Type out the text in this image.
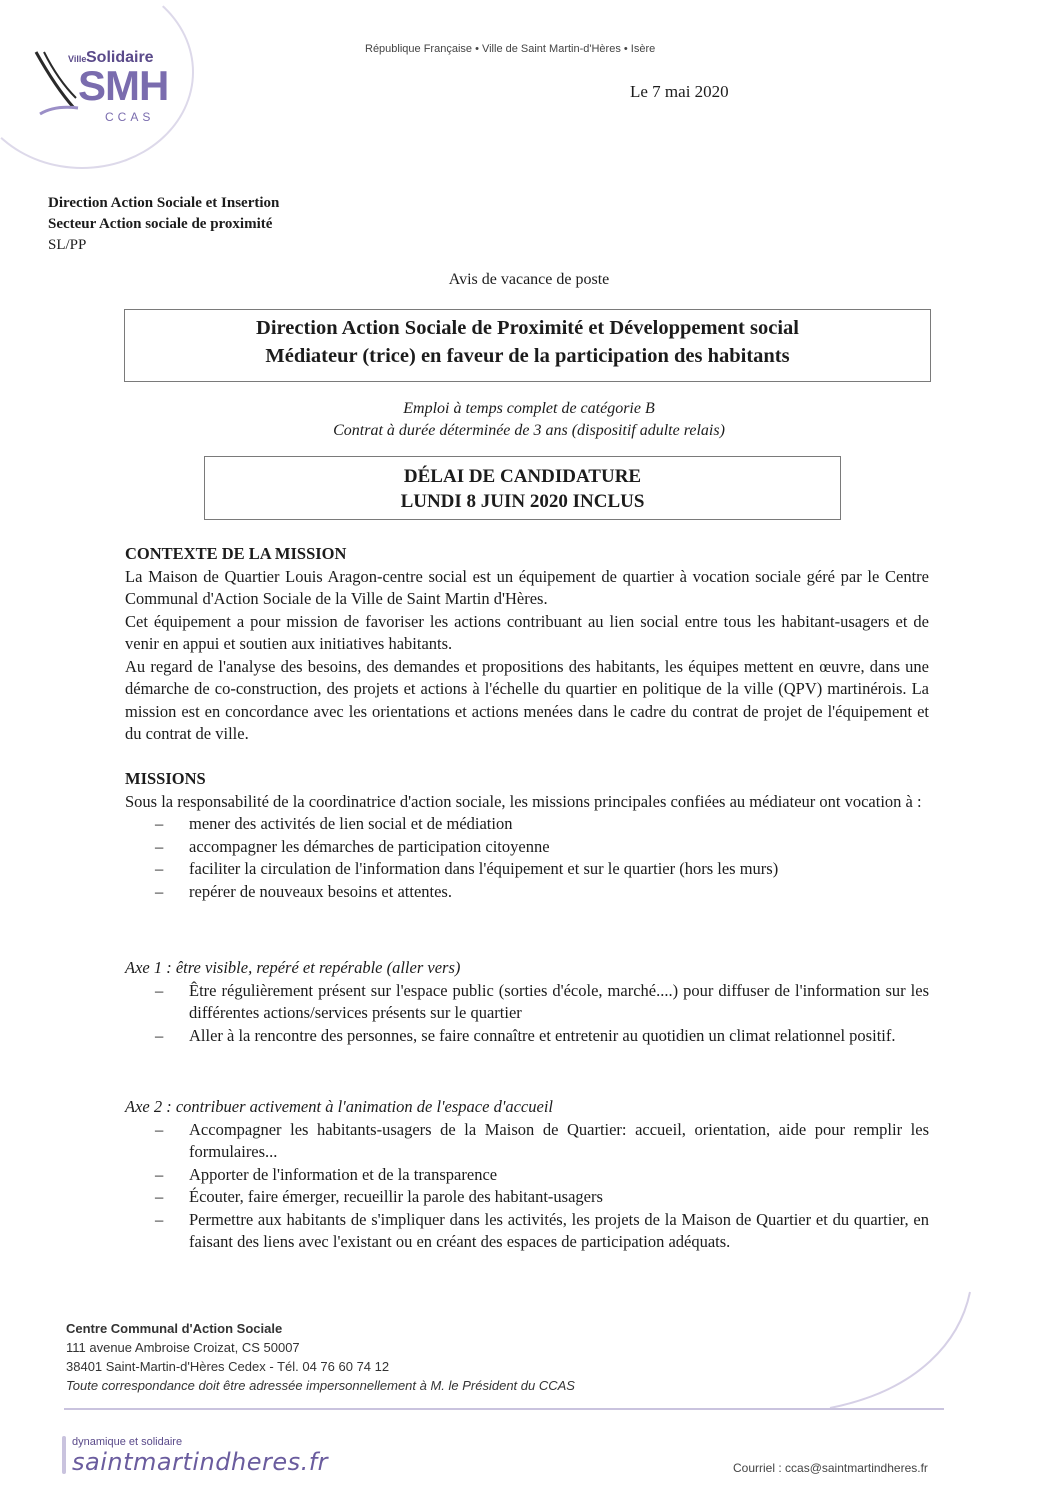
Ville Solidaire
SMH
CCAS
République Française • Ville de Saint Martin-d'Hères • Isère
Le 7 mai 2020
Direction Action Sociale et Insertion
Secteur Action sociale de proximité
SL/PP
Avis de vacance de poste
Direction Action Sociale de Proximité et Développement social
Médiateur (trice) en faveur de la participation des habitants
Emploi à temps complet de catégorie B
Contrat à durée déterminée de 3 ans (dispositif adulte relais)
DÉLAI DE CANDIDATURE
LUNDI 8 JUIN 2020 INCLUS
CONTEXTE DE LA MISSION

La Maison de Quartier Louis Aragon-centre social est un équipement de quartier à vocation sociale géré par le Centre Communal d'Action Sociale de la Ville de Saint Martin d'Hères.

Cet équipement a pour mission de favoriser les actions contribuant au lien social entre tous les habitant-usagers et de venir en appui et soutien aux initiatives habitants.

Au regard de l'analyse des besoins, des demandes et propositions des habitants, les équipes mettent en œuvre, dans une démarche de co-construction, des projets et actions à l'échelle du quartier en politique de la ville (QPV) martinérois. La mission est en concordance avec les orientations et actions menées dans le cadre du contrat de projet de l'équipement et du contrat de ville.

MISSIONS

Sous la responsabilité de la coordinatrice d'action sociale, les missions principales confiées au médiateur ont vocation à :

– mener des activités de lien social et de médiation
– accompagner les démarches de participation citoyenne
– faciliter la circulation de l'information dans l'équipement et sur le quartier (hors les murs)
– repérer de nouveaux besoins et attentes.
Axe 1 : être visible, repéré et repérable (aller vers)
– Être régulièrement présent sur l'espace public (sorties d'école, marché....) pour diffuser de l'information sur les différentes actions/services présents sur le quartier
– Aller à la rencontre des personnes, se faire connaître et entretenir au quotidien un climat relationnel positif.
Axe 2 : contribuer activement à l'animation de l'espace d'accueil
– Accompagner les habitants-usagers de la Maison de Quartier: accueil, orientation, aide pour remplir les formulaires...
– Apporter de l'information et de la transparence
– Écouter, faire émerger, recueillir la parole des habitant-usagers
– Permettre aux habitants de s'impliquer dans les activités, les projets de la Maison de Quartier et du quartier, en faisant des liens avec l'existant ou en créant des espaces de participation adéquats.
Centre Communal d'Action Sociale
111 avenue Ambroise Croizat, CS 50007
38401 Saint-Martin-d'Hères Cedex - Tél. 04 76 60 74 12
Toute correspondance doit être adressée impersonnellement à M. le Président du CCAS
dynamique et solidaire
saintmartindheres.fr	Courriel : ccas@saintmartindheres.fr
